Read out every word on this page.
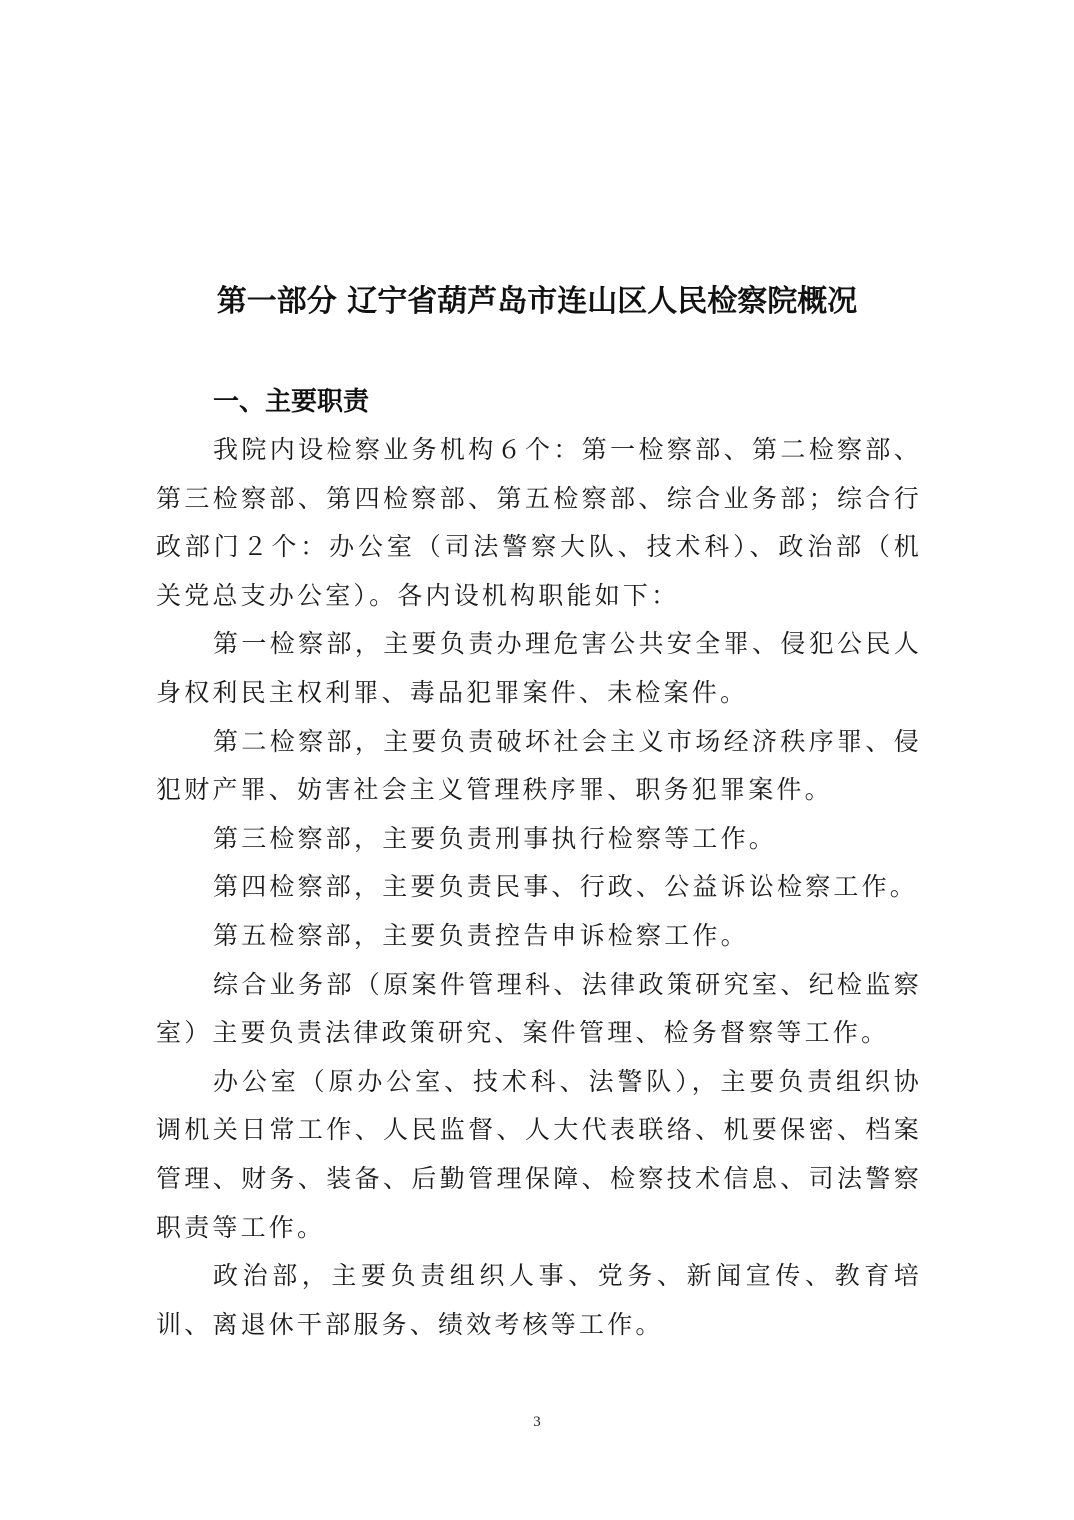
第一部分 辽宁省葫芦岛市连山区人民检察院概况
一、主要职责

我院内设检察业务机构６个：第一检察部、第二检察部、第三检察部、第四检察部、第五检察部、综合业务部；综合行政部门２个：办公室（司法警察大队、技术科）、政治部（机关党总支办公室）。各内设机构职能如下：

第一检察部，主要负责办理危害公共安全罪、侵犯公民人身权利民主权利罪、毒品犯罪案件、未检案件。

第二检察部，主要负责破坏社会主义市场经济秩序罪、侵犯财产罪、妨害社会主义管理秩序罪、职务犯罪案件。

第三检察部，主要负责刑事执行检察等工作。

第四检察部，主要负责民事、行政、公益诉讼检察工作。

第五检察部，主要负责控告申诉检察工作。

综合业务部（原案件管理科、法律政策研究室、纪检监察室）主要负责法律政策研究、案件管理、检务督察等工作。

办公室（原办公室、技术科、法警队），主要负责组织协调机关日常工作、人民监督、人大代表联络、机要保密、档案管理、财务、装备、后勤管理保障、检察技术信息、司法警察职责等工作。

政治部，主要负责组织人事、党务、新闻宣传、教育培训、离退休干部服务、绩效考核等工作。

3
